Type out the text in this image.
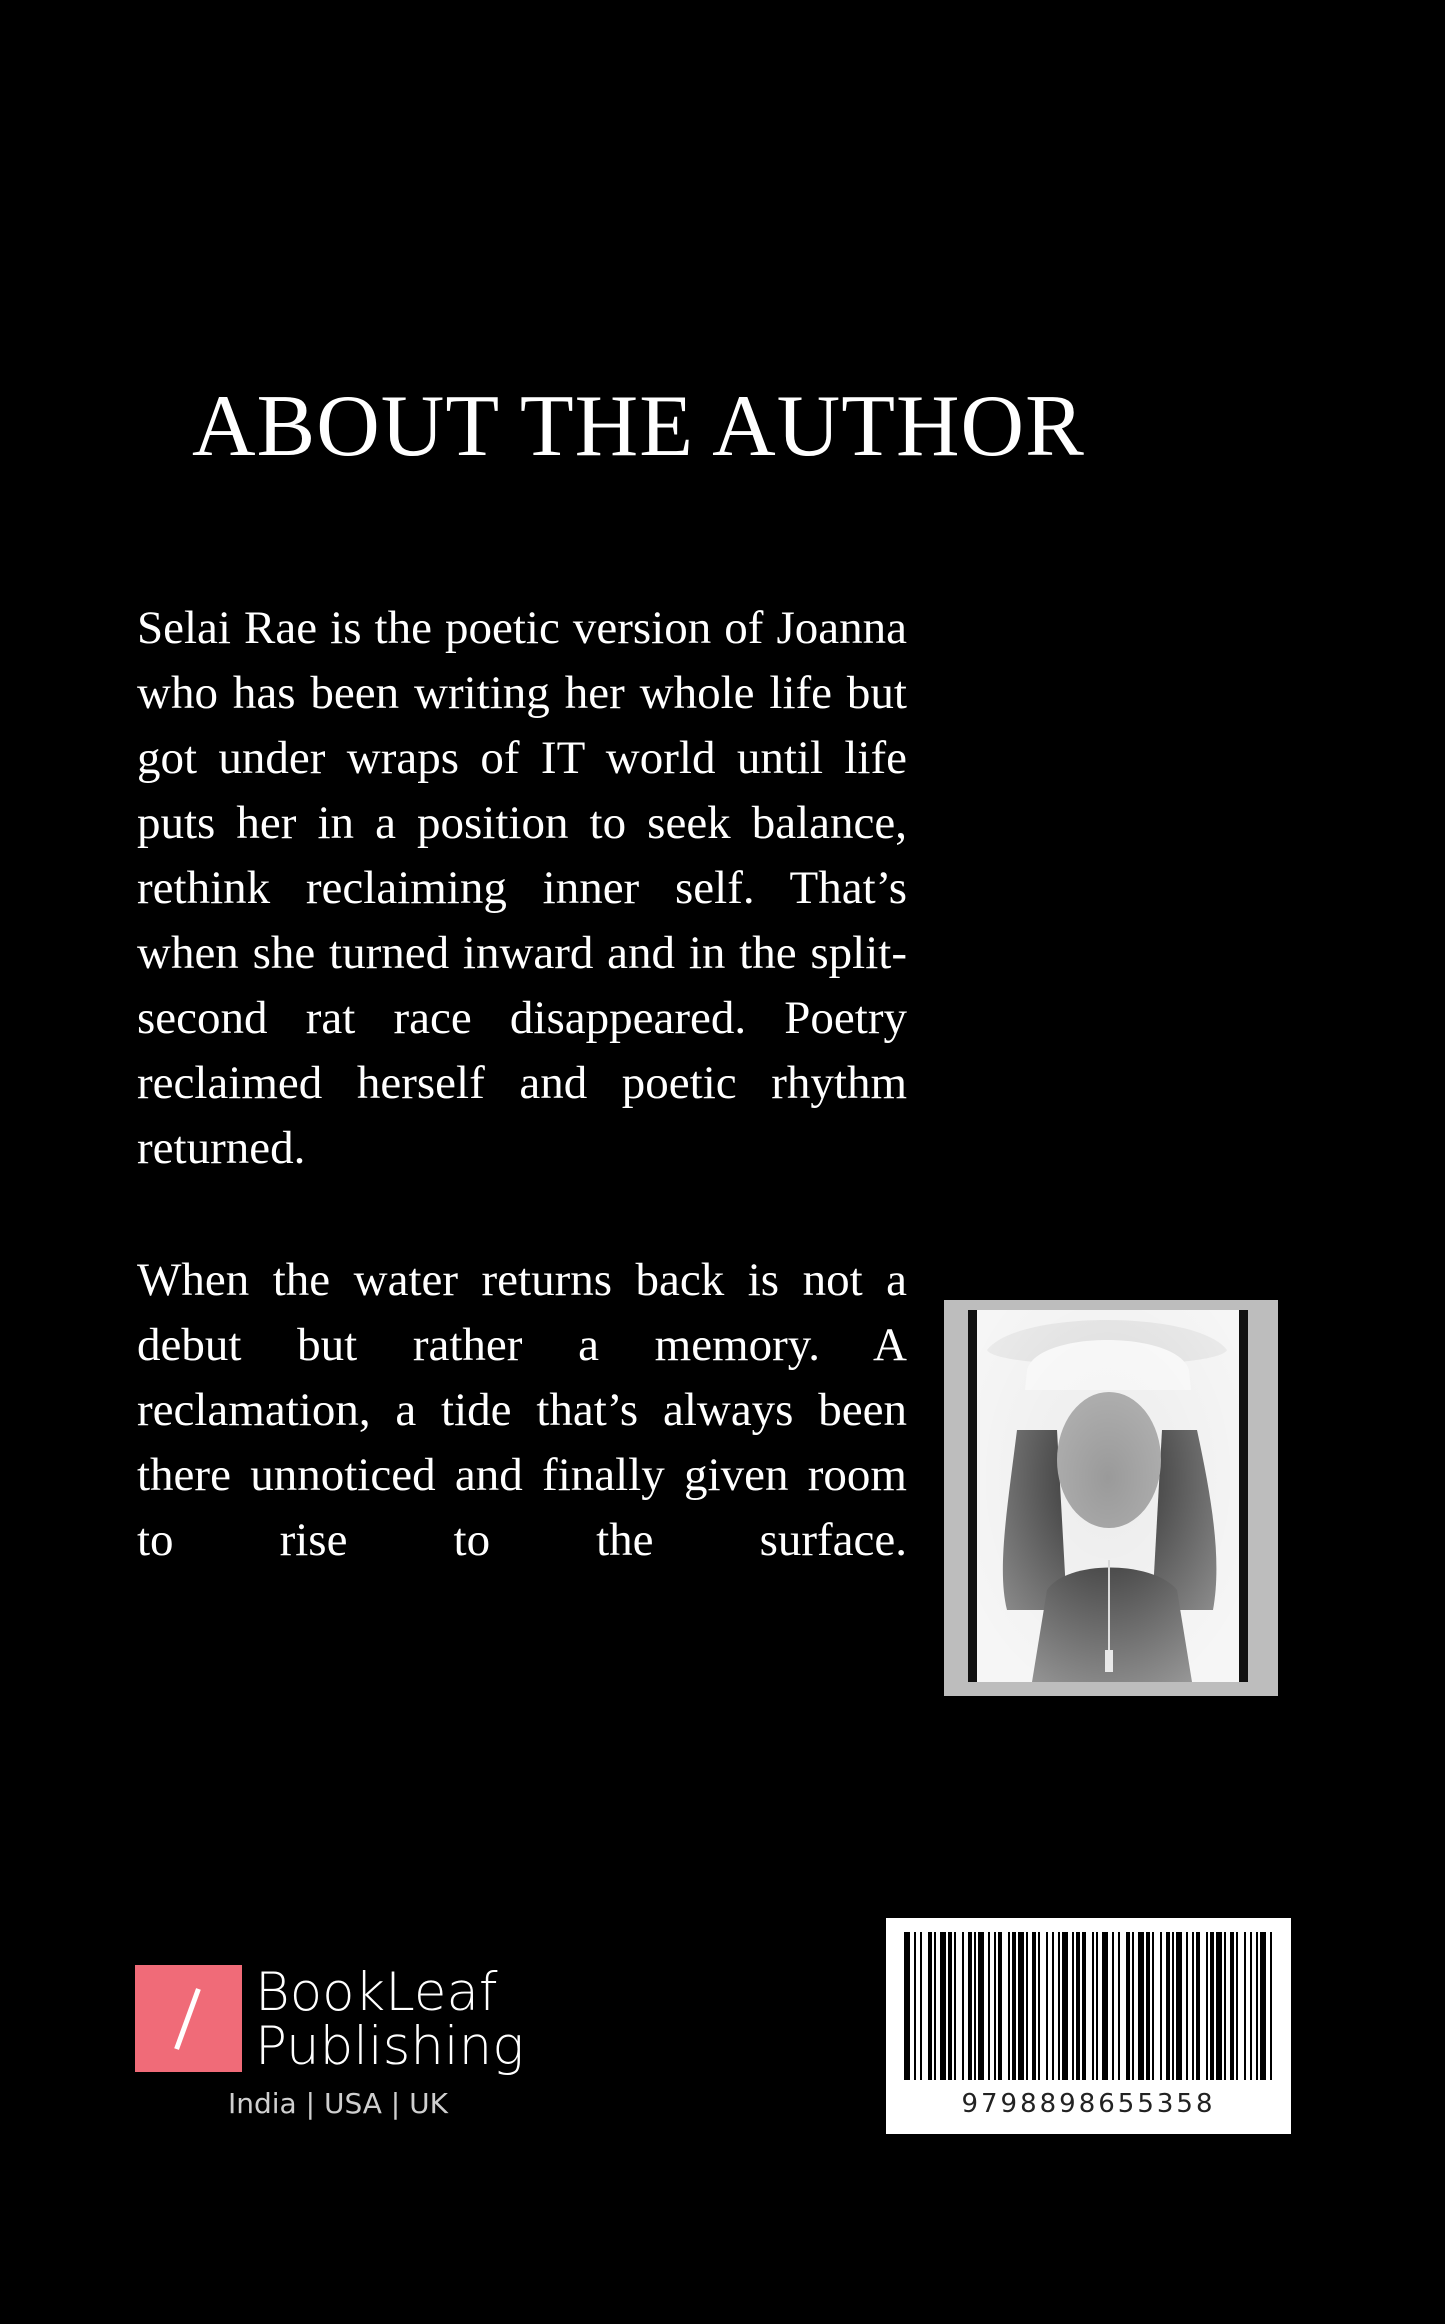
ABOUT THE AUTHOR

Selai Rae is the poetic version of Joanna who has been writing her whole life but got under wraps of IT world until life puts her in a position to seek balance, rethink reclaiming inner self. That’s when she turned inward and in the split-second rat race disappeared. Poetry reclaimed herself and poetic rhythm returned.

When the water returns back is not a debut but rather a memory. A reclamation, a tide that’s always been there unnoticed and finally given room to rise to the surface.

BookLeaf
Publishing
India | USA | UK	9798898655358
